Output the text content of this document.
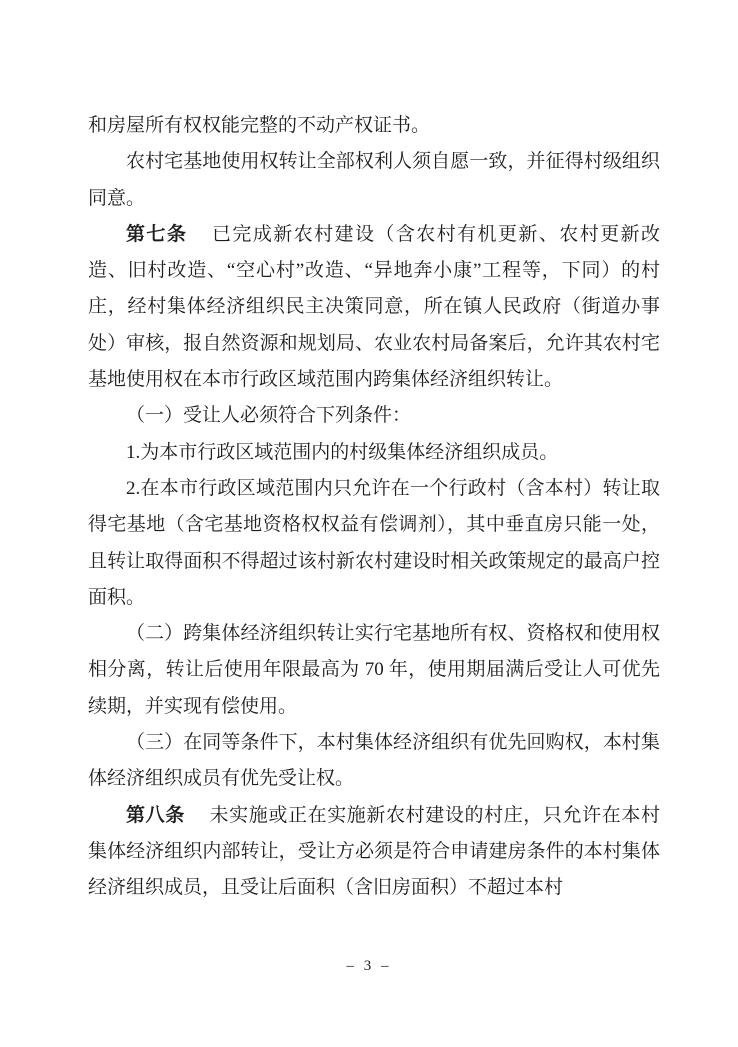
和房屋所有权权能完整的不动产权证书。

农村宅基地使用权转让全部权利人须自愿一致，并征得村级组织同意。

第七条 已完成新农村建设（含农村有机更新、农村更新改造、旧村改造、“空心村”改造、“异地奔小康”工程等，下同）的村庄，经村集体经济组织民主决策同意，所在镇人民政府（街道办事处）审核，报自然资源和规划局、农业农村局备案后，允许其农村宅基地使用权在本市行政区域范围内跨集体经济组织转让。

（一）受让人必须符合下列条件：

1.为本市行政区域范围内的村级集体经济组织成员。

2.在本市行政区域范围内只允许在一个行政村（含本村）转让取得宅基地（含宅基地资格权权益有偿调剂），其中垂直房只能一处，且转让取得面积不得超过该村新农村建设时相关政策规定的最高户控面积。

（二）跨集体经济组织转让实行宅基地所有权、资格权和使用权相分离，转让后使用年限最高为 70 年，使用期届满后受让人可优先续期，并实现有偿使用。

（三）在同等条件下，本村集体经济组织有优先回购权，本村集体经济组织成员有优先受让权。

第八条 未实施或正在实施新农村建设的村庄，只允许在本村集体经济组织内部转让，受让方必须是符合申请建房条件的本村集体经济组织成员，且受让后面积（含旧房面积）不超过本村

– 3 –
